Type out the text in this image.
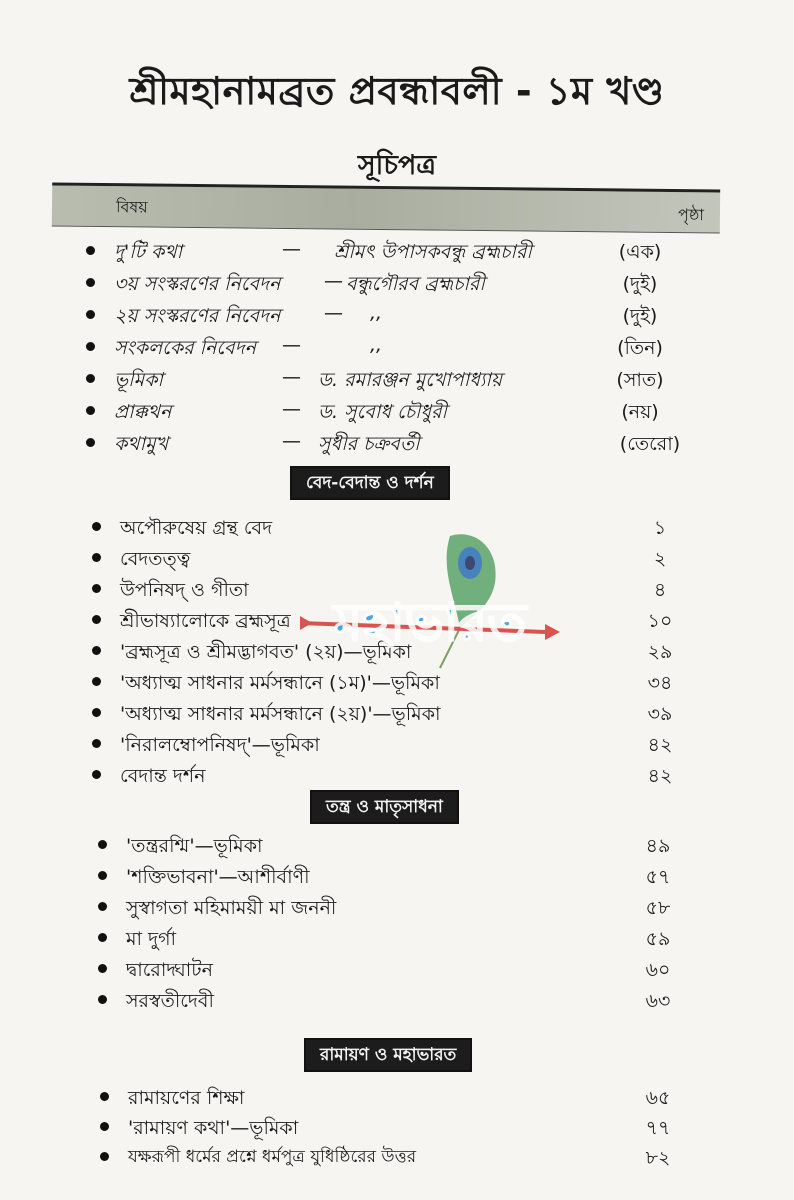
শ্রীমহানামব্রত প্রবন্ধাবলী - ১ম খণ্ড
সূচিপত্র
বিষয়	পৃষ্ঠা
দু'টি কথা	— শ্রীমৎ উপাসকবন্ধু ব্রহ্মচারী	(এক)
৩য় সংস্করণের নিবেদন — বন্ধুগৌরব ব্রহ্মচারী	(দুই)
২য় সংস্করণের নিবেদন — ,,	(দুই)
সংকলকের নিবেদন —	,,	(তিন)
ভূমিকা	— ড. রমারঞ্জন মুখোপাধ্যায়	(সাত)
প্রাক্কথন	— ড. সুবোধ চৌধুরী	(নয়)
কথামুখ	— সুধীর চক্রবর্তী	(তেরো)
বেদ-বেদান্ত ও দর্শন
অপৌরুষেয় গ্রন্থ বেদ	১
বেদতত্ত্ব	২
উপনিষদ্ ও গীতা	৪
শ্রীভাষ্যালোকে ব্রহ্মসূত্র	১০
'ব্রহ্মসূত্র ও শ্রীমদ্ভাগবত' (২য়)—ভূমিকা	২৯
'অধ্যাত্ম সাধনার মর্মসন্ধানে (১ম)'—ভূমিকা	৩৪
'অধ্যাত্ম সাধনার মর্মসন্ধানে (২য়)'—ভূমিকা	৩৯
'নিরালম্বোপনিষদ্'—ভূমিকা	৪২
বেদান্ত দর্শন	৪২
তন্ত্র ও মাতৃসাধনা
'তন্ত্ররশ্মি'—ভূমিকা	৪৯
'শক্তিভাবনা'—আশীর্বাণী	৫৭
সুস্বাগতা মহিমাময়ী মা জননী	৫৮
মা দুর্গা	৫৯
দ্বারোদ্ঘাটন	৬০
সরস্বতীদেবী	৬৩
রামায়ণ ও মহাভারত
রামায়ণের শিক্ষা	৬৫
'রামায়ণ কথা'—ভূমিকা	৭৭
যক্ষরূপী ধর্মের প্রশ্নে ধর্মপুত্র যুধিষ্ঠিরের উত্তর	৮২
মহাভারত
